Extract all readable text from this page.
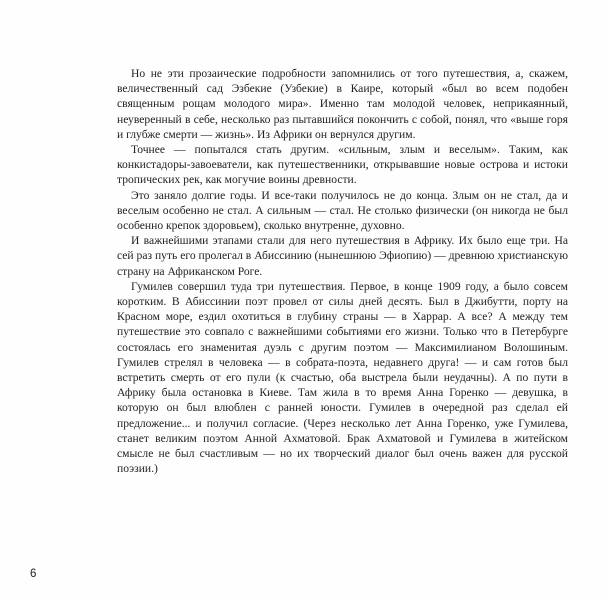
Но не эти прозаические подробности запомнились от того путешествия, а, скажем, величественный сад Эзбекие (Узбекие) в Каире, который «был во всем подобен священным рощам молодого мира». Именно там молодой человек, неприкаянный, неуверенный в себе, несколько раз пытавшийся покончить с собой, понял, что «выше горя и глубже смерти — жизнь». Из Африки он вернулся другим.

Точнее — попытался стать другим. «сильным, злым и веселым». Таким, как конкистадоры-завоеватели, как путешественники, открывавшие новые острова и истоки тропических рек, как могучие воины древности.

Это заняло долгие годы. И все-таки получилось не до конца. Злым он не стал, да и веселым особенно не стал. А сильным — стал. Не столько физически (он никогда не был особенно крепок здоровьем), сколько внутренне, духовно.

И важнейшими этапами стали для него путешествия в Африку. Их было еще три. На сей раз путь его пролегал в Абиссинию (нынешнюю Эфиопию) — древнюю христианскую страну на Африканском Роге.

Гумилев совершил туда три путешествия. Первое, в конце 1909 году, а было совсем коротким. В Абиссинии поэт провел от силы дней десять. Был в Джибутти, порту на Красном море, ездил охотиться в глубину страны — в Харрар. А все? А между тем путешествие это совпало с важнейшими событиями его жизни. Только что в Петербурге состоялась его знаменитая дуэль с другим поэтом — Максимилианом Волошиным. Гумилев стрелял в человека — в собрата-поэта, недавнего друга! — и сам готов был встретить смерть от его пули (к счастью, оба выстрела были неудачны). А по пути в Африку была остановка в Киеве. Там жила в то время Анна Горенко — девушка, в которую он был влюблен с ранней юности. Гумилев в очередной раз сделал ей предложение... и получил согласие. (Через несколько лет Анна Горенко, уже Гумилева, станет великим поэтом Анной Ахматовой. Брак Ахматовой и Гумилева в житейском смысле не был счастливым — но их творческий диалог был очень важен для русской поэзии.)

6
